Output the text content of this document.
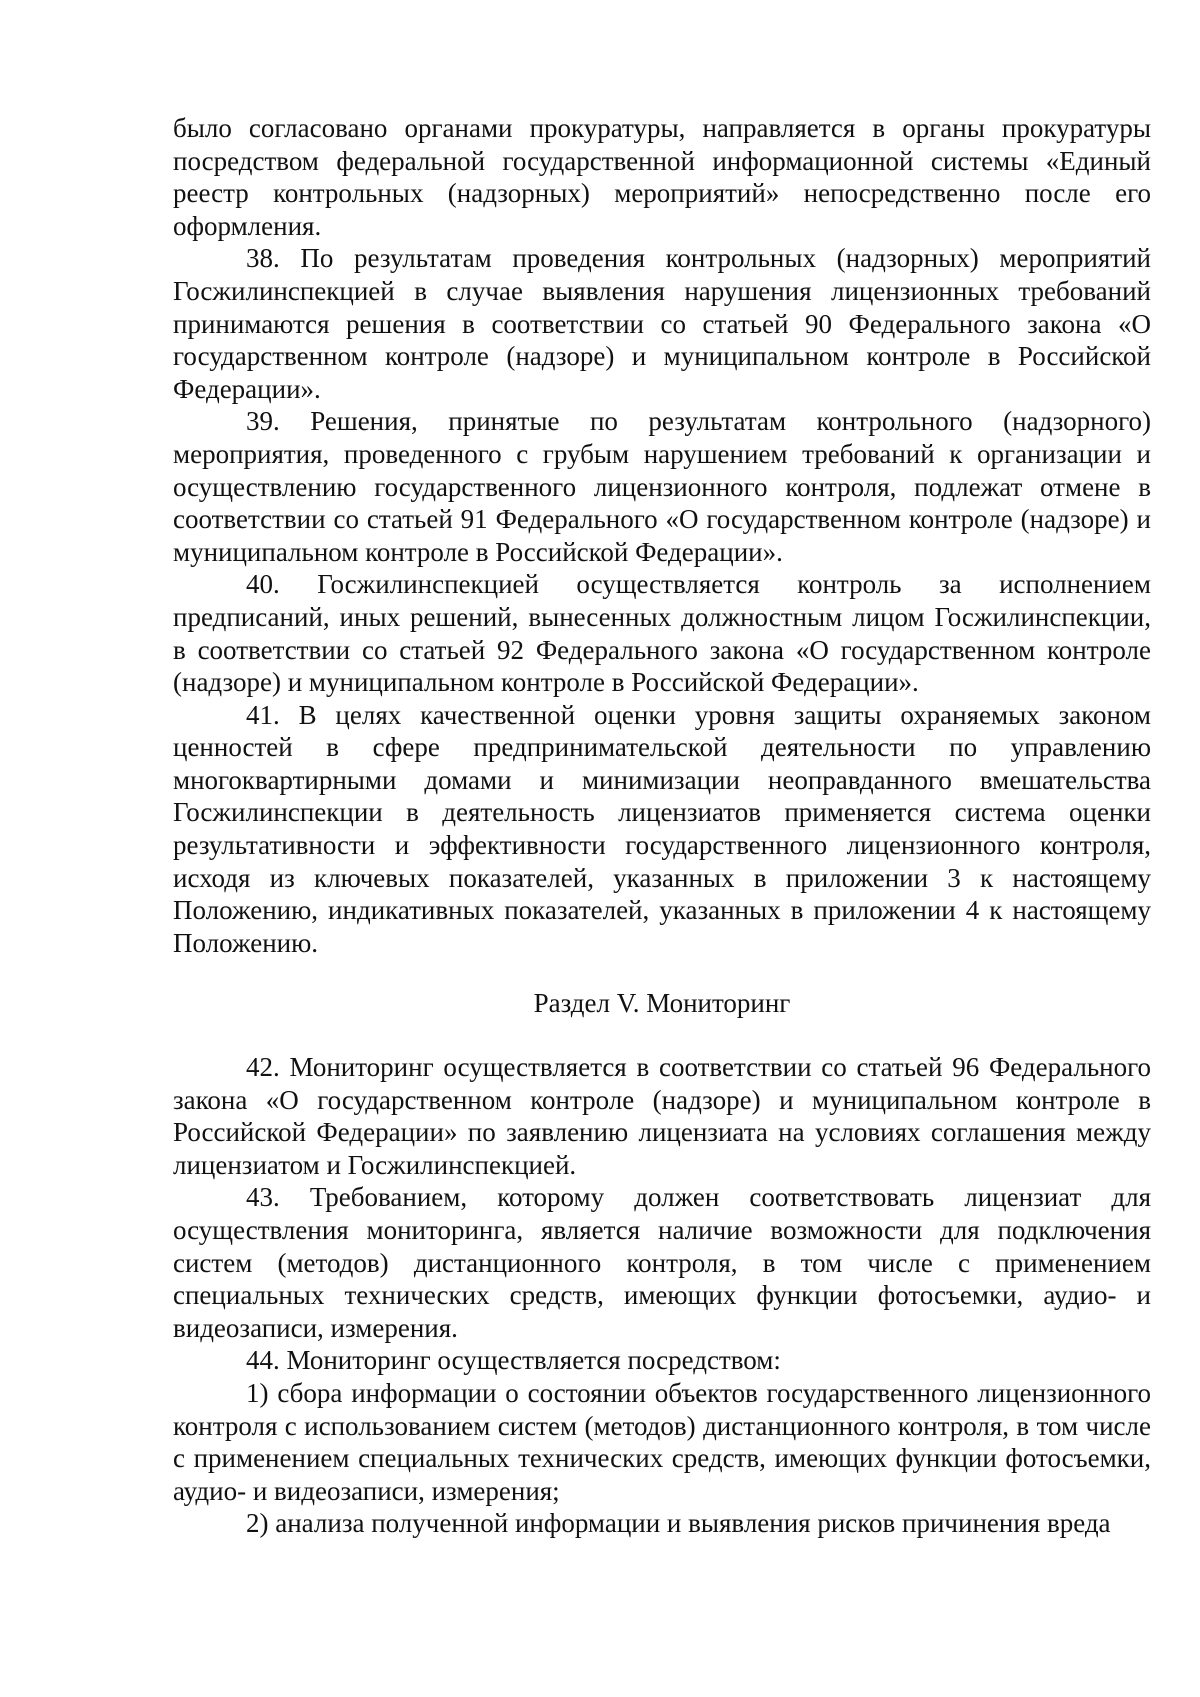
было согласовано органами прокуратуры, направляется в органы прокуратуры посредством федеральной государственной информационной системы «Единый реестр контрольных (надзорных) мероприятий» непосредственно после его оформления.

38. По результатам проведения контрольных (надзорных) мероприятий Госжилинспекцией в случае выявления нарушения лицензионных требований принимаются решения в соответствии со статьей 90 Федерального закона «О государственном контроле (надзоре) и муниципальном контроле в Российской Федерации».

39. Решения, принятые по результатам контрольного (надзорного) мероприятия, проведенного с грубым нарушением требований к организации и осуществлению государственного лицензионного контроля, подлежат отмене в соответствии со статьей 91 Федерального «О государственном контроле (надзоре) и муниципальном контроле в Российской Федерации».

40. Госжилинспекцией осуществляется контроль за исполнением предписаний, иных решений, вынесенных должностным лицом Госжилинспекции, в соответствии со статьей 92 Федерального закона «О государственном контроле (надзоре) и муниципальном контроле в Российской Федерации».

41. В целях качественной оценки уровня защиты охраняемых законом ценностей в сфере предпринимательской деятельности по управлению многоквартирными домами и минимизации неоправданного вмешательства Госжилинспекции в деятельность лицензиатов применяется система оценки результативности и эффективности государственного лицензионного контроля, исходя из ключевых показателей, указанных в приложении 3 к настоящему Положению, индикативных показателей, указанных в приложении 4 к настоящему Положению.

Раздел V. Мониторинг

42. Мониторинг осуществляется в соответствии со статьей 96 Федерального закона «О государственном контроле (надзоре) и муниципальном контроле в Российской Федерации» по заявлению лицензиата на условиях соглашения между лицензиатом и Госжилинспекцией.

43. Требованием, которому должен соответствовать лицензиат для осуществления мониторинга, является наличие возможности для подключения систем (методов) дистанционного контроля, в том числе с применением специальных технических средств, имеющих функции фотосъемки, аудио- и видеозаписи, измерения.

44. Мониторинг осуществляется посредством:

1) сбора информации о состоянии объектов государственного лицензионного контроля с использованием систем (методов) дистанционного контроля, в том числе с применением специальных технических средств, имеющих функции фотосъемки, аудио- и видеозаписи, измерения;

2) анализа полученной информации и выявления рисков причинения вреда
